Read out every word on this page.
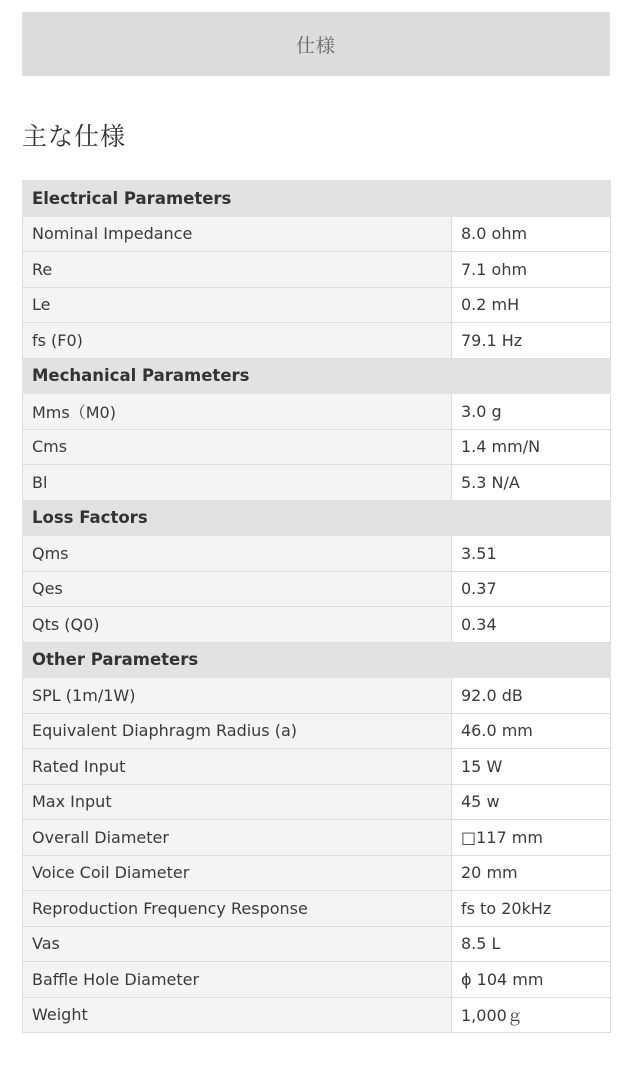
仕様
主な仕様
Electrical Parameters	
Nominal Impedance	8.0 ohm
Re	7.1 ohm
Le	0.2 mH
fs (F0)	79.1 Hz
Mechanical Parameters	
Mms（M0)	3.0 g
Cms	1.4 mm/N
Bl	5.3 N/A
Loss Factors	
Qms	3.51
Qes	0.37
Qts (Q0)	0.34
Other Parameters	
SPL (1m/1W)	92.0 dB
Equivalent Diaphragm Radius (a)	46.0 mm
Rated Input	15 W
Max Input	45 w
Overall Diameter	□117 mm
Voice Coil Diameter	20 mm
Reproduction Frequency Response	fs to 20kHz
Vas	8.5 L
Baffle Hole Diameter	ϕ 104 mm
Weight	1,000ｇ
